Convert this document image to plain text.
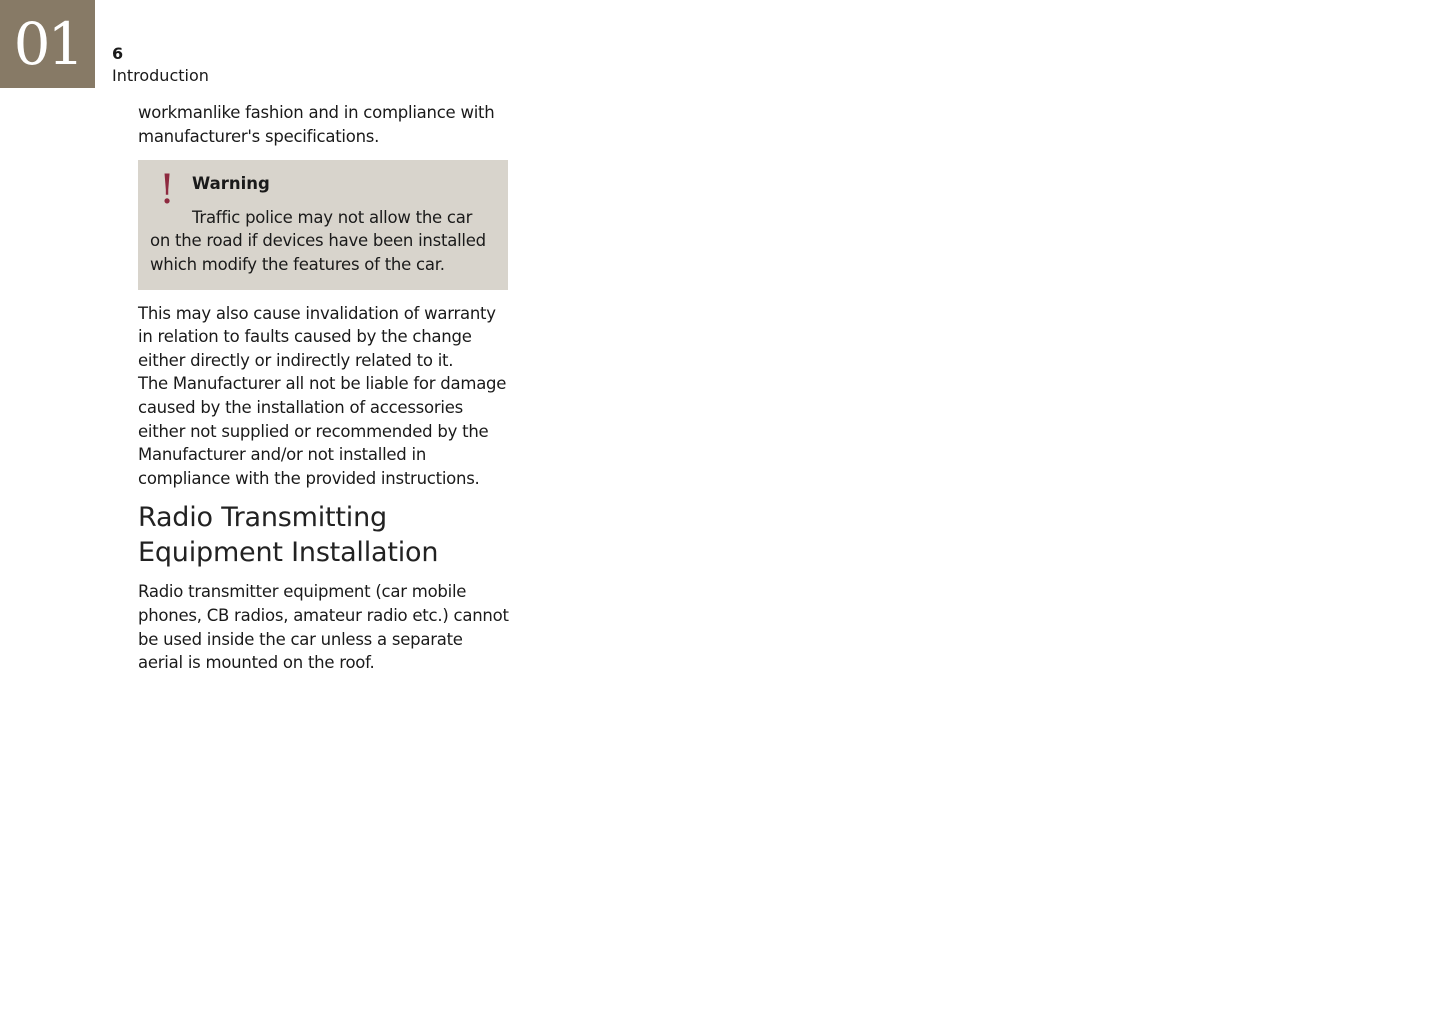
01	6
Introduction

workmanlike fashion and in compliance with manufacturer's specifications.

! Warning

Traffic police may not allow the car on the road if devices have been installed which modify the features of the car.

This may also cause invalidation of warranty in relation to faults caused by the change either directly or indirectly related to it.

The Manufacturer all not be liable for damage caused by the installation of accessories either not supplied or recommended by the Manufacturer and/or not installed in compliance with the provided instructions.

Radio Transmitting Equipment Installation

Radio transmitter equipment (car mobile phones, CB radios, amateur radio etc.) cannot be used inside the car unless a separate aerial is mounted on the roof.
